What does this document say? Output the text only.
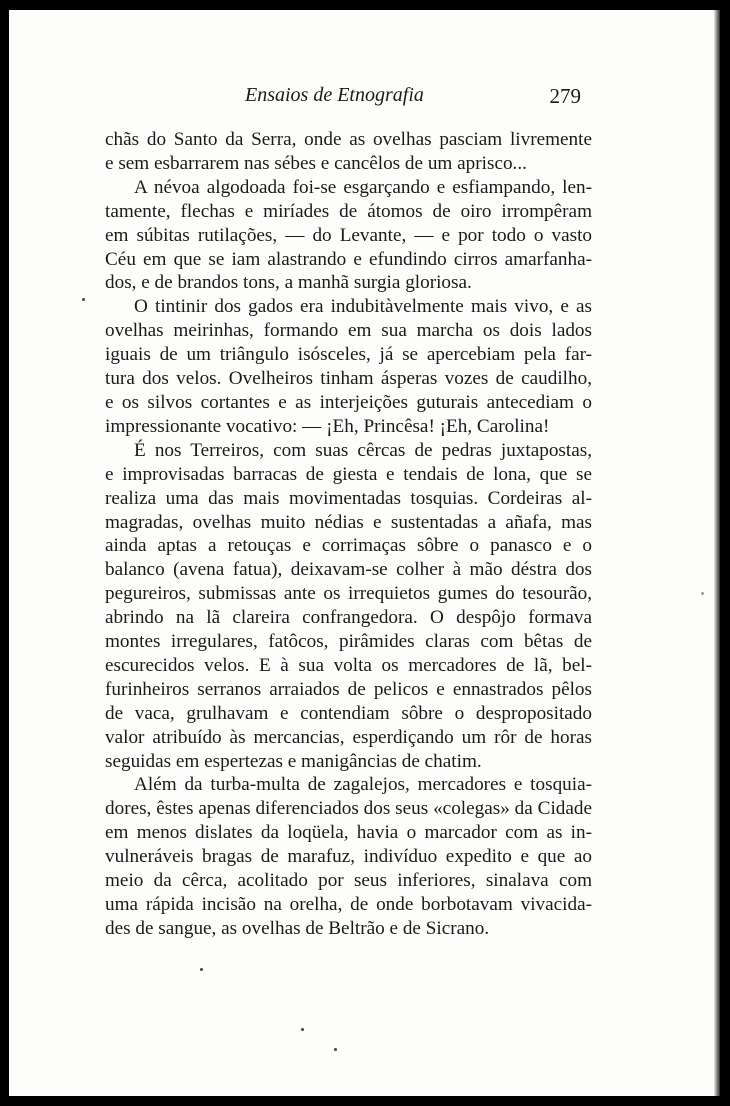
Ensaios de Etnografia	279

chãs do Santo da Serra, onde as ovelhas pasciam livremente
e sem esbarrarem nas sébes e cancêlos de um aprisco...

A névoa algodoada foi-se esgarçando e esfiampando, len-
tamente, flechas e miríades de átomos de oiro irrompêram
em súbitas rutilações, — do Levante, — e por todo o vasto
Céu em que se iam alastrando e efundindo cirros amarfanha-
dos, e de brandos tons, a manhã surgia gloriosa.

O tintinir dos gados era indubitàvelmente mais vivo, e as
ovelhas meirinhas, formando em sua marcha os dois lados
iguais de um triângulo isósceles, já se apercebiam pela far-
tura dos velos. Ovelheiros tinham ásperas vozes de caudilho,
e os silvos cortantes e as interjeições guturais antecediam o
impressionante vocativo: — ¡Eh, Princêsa! ¡Eh, Carolina!

É nos Terreiros, com suas cêrcas de pedras juxtapostas,
e improvisadas barracas de giesta e tendais de lona, que se
realiza uma das mais movimentadas tosquias. Cordeiras al-
magradas, ovelhas muito nédias e sustentadas a añafa, mas
ainda aptas a retouças e corrimaças sôbre o panasco e o
balanco (avena fatua), deixavam-se colher à mão déstra dos
pegureiros, submissas ante os irrequietos gumes do tesourão,
abrindo na lã clareira confrangedora. O despôjo formava
montes irregulares, fatôcos, pirâmides claras com bêtas de
escurecidos velos. E à sua volta os mercadores de lã, bel-
furinheiros serranos arraiados de pelicos e ennastrados pêlos
de vaca, grulhavam e contendiam sôbre o despropositado
valor atribuído às mercancias, esperdiçando um rôr de horas
seguidas em espertezas e manigâncias de chatim.

Além da turba-multa de zagalejos, mercadores e tosquia-
dores, êstes apenas diferenciados dos seus «colegas» da Cidade
em menos dislates da loqüela, havia o marcador com as in-
vulneráveis bragas de marafuz, indivíduo expedito e que ao
meio da cêrca, acolitado por seus inferiores, sinalava com
uma rápida incisão na orelha, de onde borbotavam vivacida-
des de sangue, as ovelhas de Beltrão e de Sicrano.
